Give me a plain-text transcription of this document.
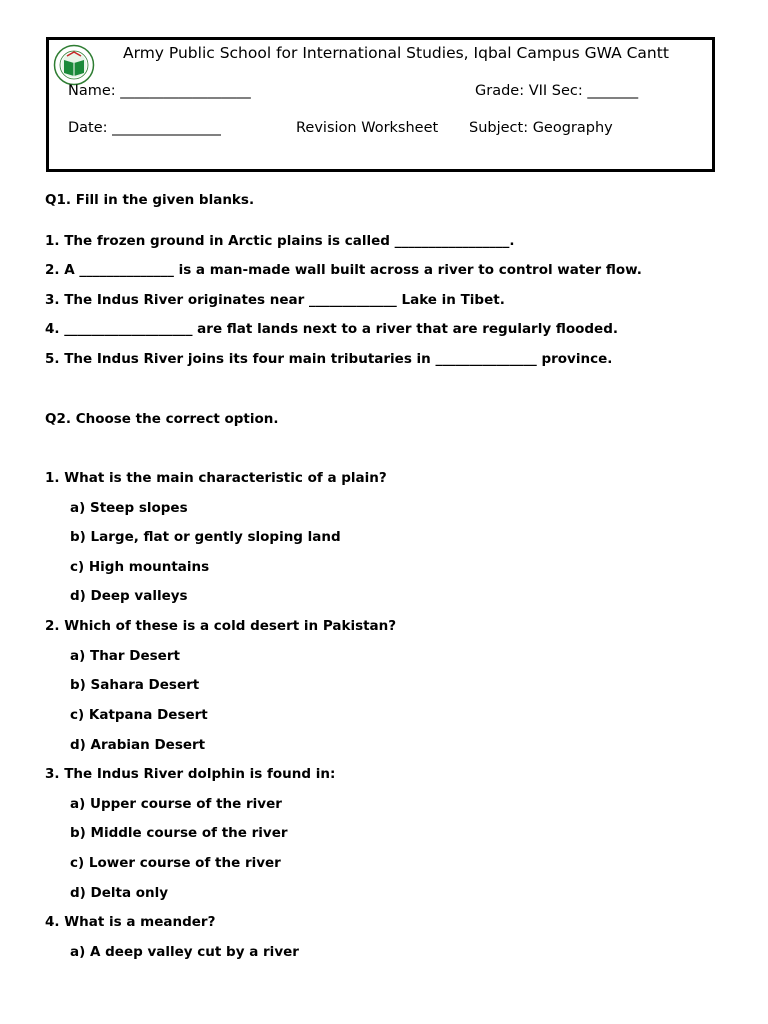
Army Public School for International Studies, Iqbal Campus GWA Cantt
Name: __________________	Grade: VII Sec: _______
Date: _______________	Revision Worksheet Subject: Geography
Q1. Fill in the given blanks.
1. The frozen ground in Arctic plains is called _________________.
2. A ______________ is a man-made wall built across a river to control water flow.
3. The Indus River originates near _____________ Lake in Tibet.
4. ___________________ are flat lands next to a river that are regularly flooded.
5. The Indus River joins its four main tributaries in _______________ province.
Q2. Choose the correct option.
1. What is the main characteristic of a plain?
a) Steep slopes
b) Large, flat or gently sloping land
c) High mountains
d) Deep valleys
2. Which of these is a cold desert in Pakistan?
a) Thar Desert
b) Sahara Desert
c) Katpana Desert
d) Arabian Desert
3. The Indus River dolphin is found in:
a) Upper course of the river
b) Middle course of the river
c) Lower course of the river
d) Delta only
4. What is a meander?
a) A deep valley cut by a river
